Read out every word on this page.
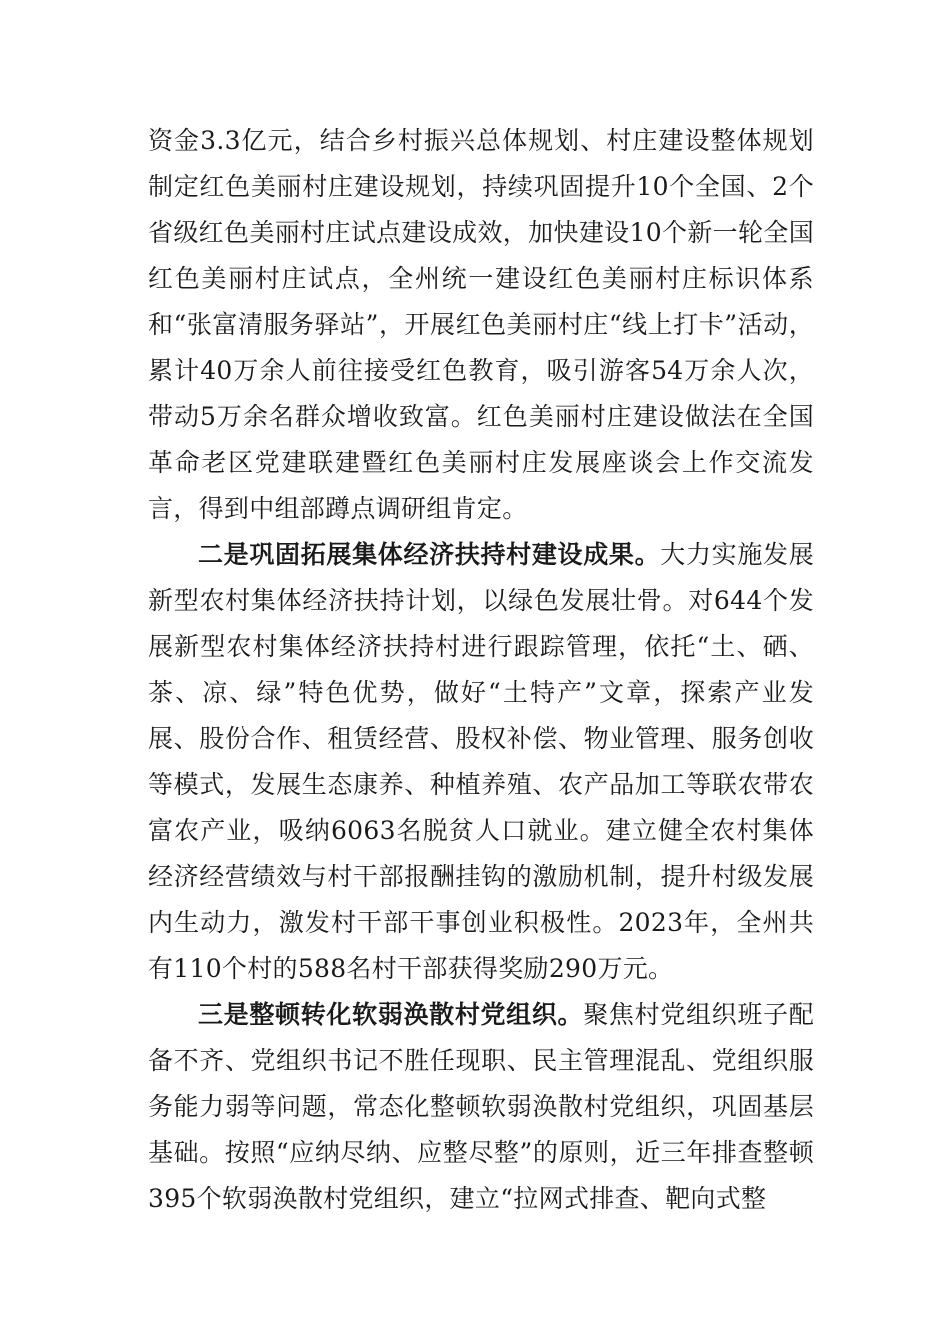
资金3.3亿元，结合乡村振兴总体规划、村庄建设整体规划制定红色美丽村庄建设规划，持续巩固提升10个全国、2个省级红色美丽村庄试点建设成效，加快建设10个新一轮全国红色美丽村庄试点，全州统一建设红色美丽村庄标识体系和“张富清服务驿站”，开展红色美丽村庄“线上打卡”活动，累计40万余人前往接受红色教育，吸引游客54万余人次，带动5万余名群众增收致富。红色美丽村庄建设做法在全国革命老区党建联建暨红色美丽村庄发展座谈会上作交流发言，得到中组部蹲点调研组肯定。

二是巩固拓展集体经济扶持村建设成果。大力实施发展新型农村集体经济扶持计划，以绿色发展壮骨。对644个发展新型农村集体经济扶持村进行跟踪管理，依托“土、硒、茶、凉、绿”特色优势，做好“土特产”文章，探索产业发展、股份合作、租赁经营、股权补偿、物业管理、服务创收等模式，发展生态康养、种植养殖、农产品加工等联农带农富农产业，吸纳6063名脱贫人口就业。建立健全农村集体经济经营绩效与村干部报酬挂钩的激励机制，提升村级发展内生动力，激发村干部干事创业积极性。2023年，全州共有110个村的588名村干部获得奖励290万元。

三是整顿转化软弱涣散村党组织。聚焦村党组织班子配备不齐、党组织书记不胜任现职、民主管理混乱、党组织服务能力弱等问题，常态化整顿软弱涣散村党组织，巩固基层基础。按照“应纳尽纳、应整尽整”的原则，近三年排查整顿395个软弱涣散村党组织，建立“拉网式排查、靶向式整
